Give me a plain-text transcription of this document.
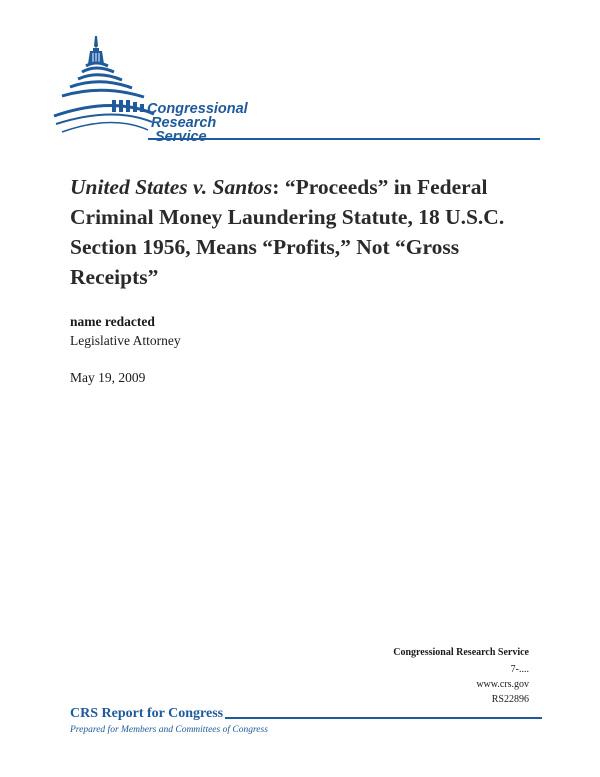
Congressional
Research
Service
United States v. Santos: “Proceeds” in Federal Criminal Money Laundering Statute, 18 U.S.C. Section 1956, Means “Profits,” Not “Gross Receipts”
name redacted
Legislative Attorney
May 19, 2009
Congressional Research Service
7-....
www.crs.gov
RS22896
CRS Report for Congress
Prepared for Members and Committees of Congress
